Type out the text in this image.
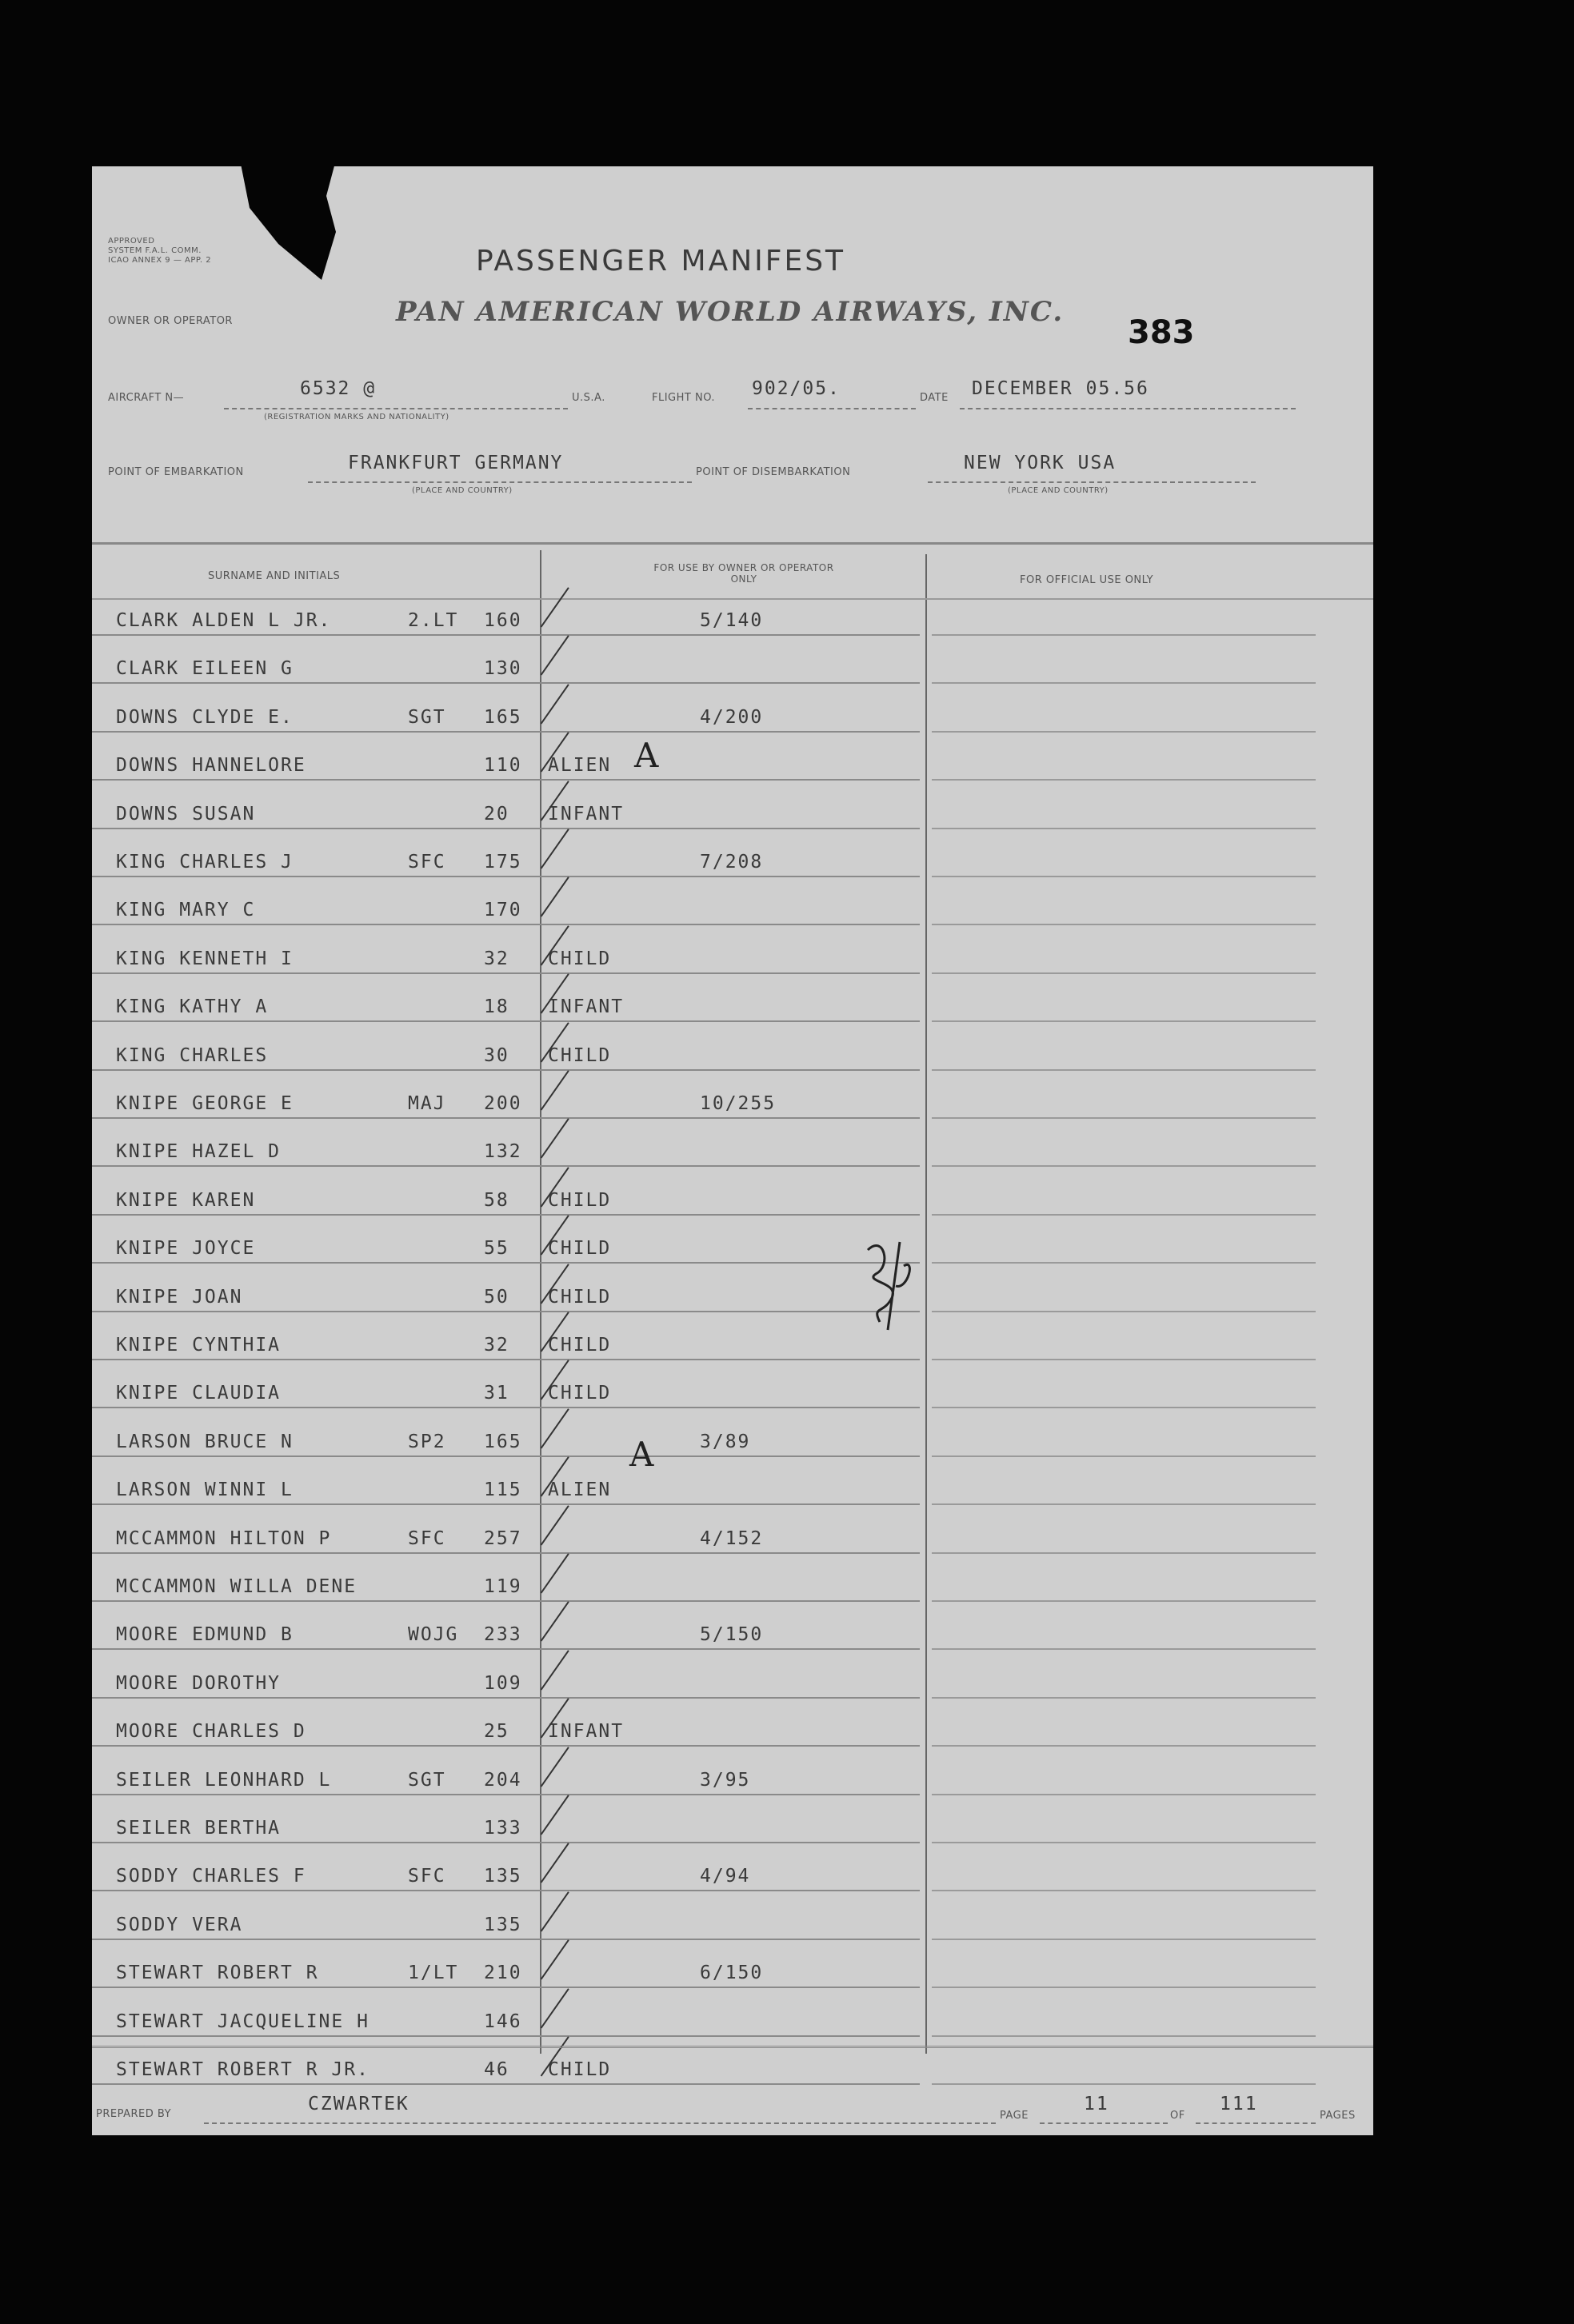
APPROVED
SYSTEM F.A.L. COMM.
ICAO ANNEX 9 — APP. 2	PASSENGER MANIFEST
OWNER OR OPERATOR	PAN AMERICAN WORLD AIRWAYS, INC.
383
AIRCRAFT N—	6532 @
(REGISTRATION MARKS AND NATIONALITY)
U.S.A.	FLIGHT NO. 902/05.	DATE DECEMBER 05.56
POINT OF EMBARKATION	FRANKFURT GERMANY
(PLACE AND COUNTRY)
POINT OF DISEMBARKATION	NEW YORK USA
(PLACE AND COUNTRY)
SURNAME AND INITIALS
FOR USE BY OWNER OR OPERATOR ONLY	FOR OFFICIAL USE ONLY
CLARK ALDEN L JR.	2.LT 160	5/140
CLARK EILEEN G	130
DOWNS CLYDE E.	SGT 165	4/200
DOWNS HANNELORE	110 ALIEN
DOWNS SUSAN	20 INFANT
KING CHARLES J	SFC 175	7/208
KING MARY C	170
KING KENNETH I	32 CHILD
KING KATHY A	18 INFANT
KING CHARLES	30 CHILD
KNIPE GEORGE E	MAJ 200	10/255
KNIPE HAZEL D	132
KNIPE KAREN	58 CHILD
KNIPE JOYCE	55 CHILD
KNIPE JOAN	50 CHILD
KNIPE CYNTHIA	32 CHILD
KNIPE CLAUDIA	31 CHILD
LARSON BRUCE N	SP2 165	3/89
LARSON WINNI L	115 ALIEN
MCCAMMON HILTON P	SFC 257	4/152
MCCAMMON WILLA DENE	119
MOORE EDMUND B	WOJG 233	5/150
MOORE DOROTHY	109
MOORE CHARLES D	25 INFANT
SEILER LEONHARD L	SGT 204	3/95
SEILER BERTHA	133
SODDY CHARLES F	SFC 135	4/94
SODDY VERA	135
STEWART ROBERT R	1/LT 210	6/150
STEWART JACQUELINE H	146
STEWART ROBERT R JR.	46 CHILD
A
A
PREPARED BY	CZWARTEK
PAGE
11
OF
111
PAGES
